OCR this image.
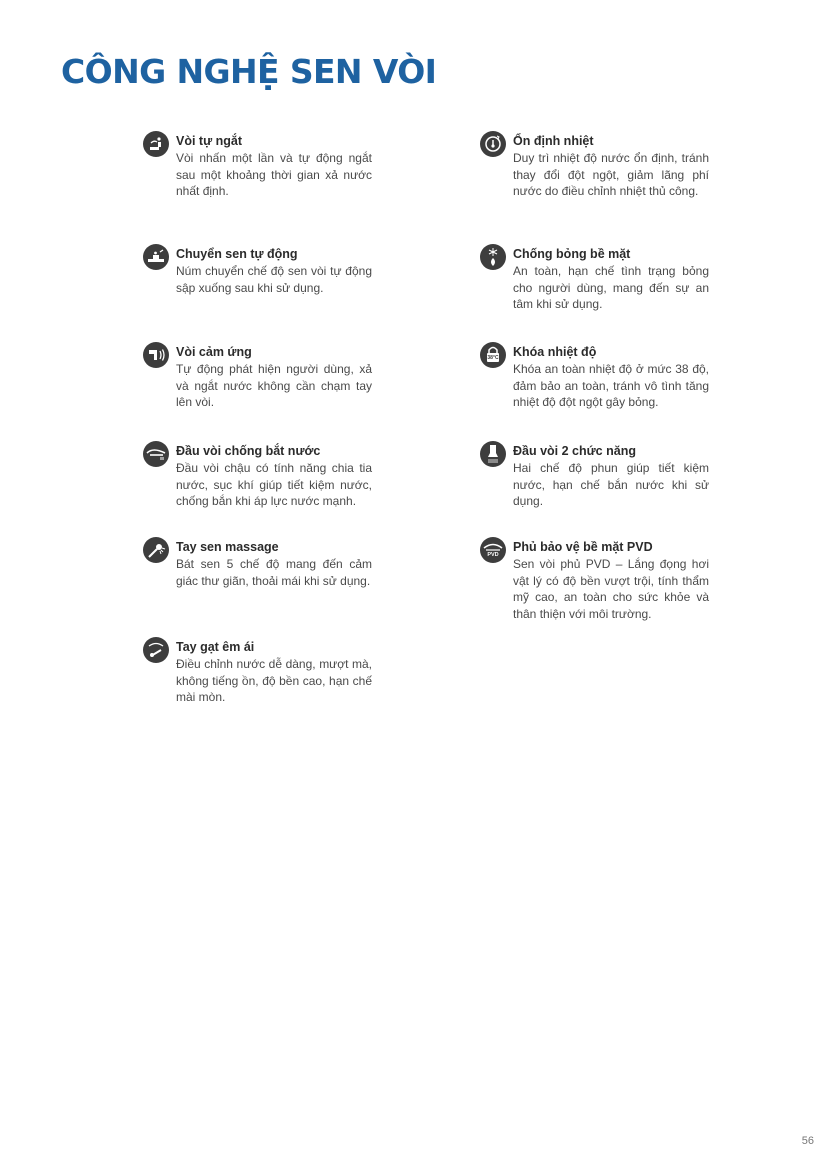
CÔNG NGHỆ SEN VÒI

Vòi tự ngắt

Vòi nhấn một lần và tự động ngắt sau một khoảng thời gian xả nước nhất định.

Chuyển sen tự động

Núm chuyển chế độ sen vòi tự động sập xuống sau khi sử dụng.

Vòi cảm ứng

Tự động phát hiện người dùng, xả và ngắt nước không cần chạm tay lên vòi.

Đầu vòi chống bắt nước

Đầu vòi chậu có tính năng chia tia nước, sục khí giúp tiết kiệm nước, chống bắn khi áp lực nước mạnh.

Tay sen massage

Bát sen 5 chế độ mang đến cảm giác thư giãn, thoải mái khi sử dụng.

Tay gạt êm ái

Điều chỉnh nước dễ dàng, mượt mà, không tiếng ồn, độ bền cao, hạn chế mài mòn.

Ổn định nhiệt

Duy trì nhiệt độ nước ổn định, tránh thay đổi đột ngột, giảm lãng phí nước do điều chỉnh nhiệt thủ công.

Chống bỏng bề mặt

An toàn, hạn chế tình trạng bỏng cho người dùng, mang đến sự an tâm khi sử dụng.

38°C	Khóa nhiệt độ

Khóa an toàn nhiệt độ ở mức 38 độ, đảm bảo an toàn, tránh vô tình tăng nhiệt độ đột ngột gây bỏng.

Đầu vòi 2 chức năng

Hai chế độ phun giúp tiết kiệm nước, hạn chế bắn nước khi sử dụng.

PVD

Phủ bảo vệ bề mặt PVD

Sen vòi phủ PVD – Lắng đọng hơi vật lý có độ bền vượt trội, tính thẩm mỹ cao, an toàn cho sức khỏe và thân thiện với môi trường.

56
